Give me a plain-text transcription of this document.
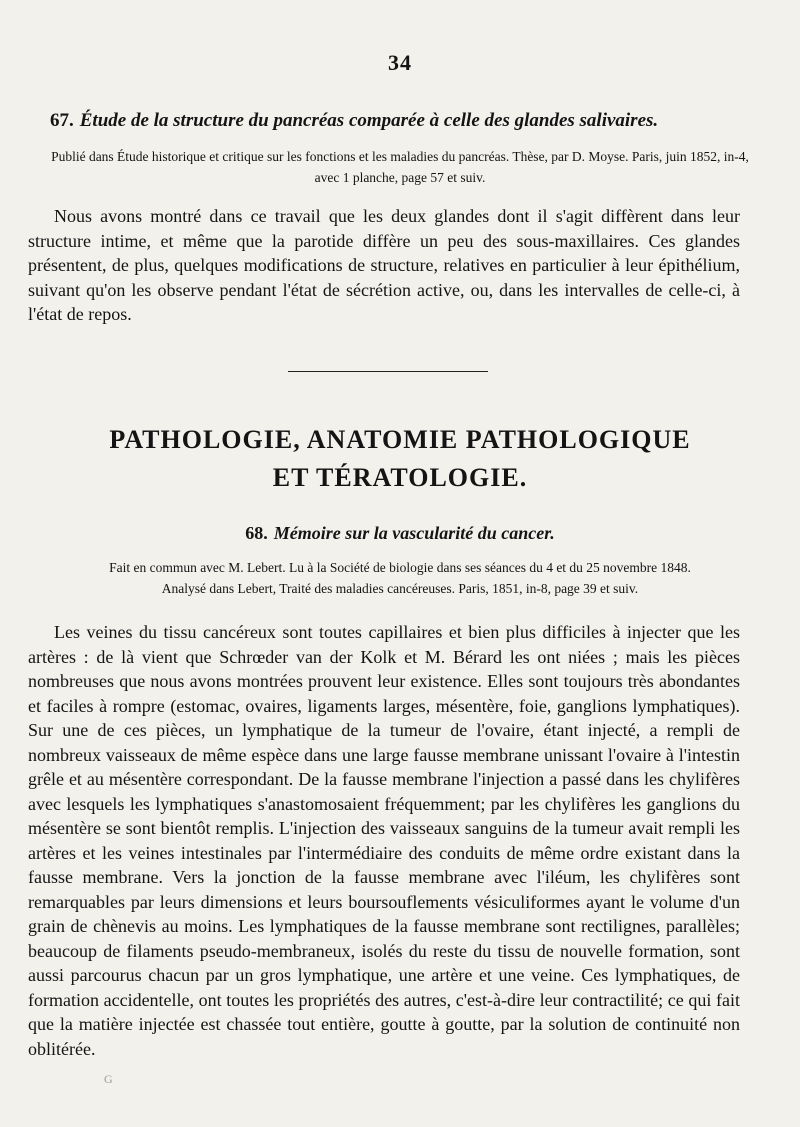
34
67. Étude de la structure du pancréas comparée à celle des glandes salivaires.
Publié dans Étude historique et critique sur les fonctions et les maladies du pancréas. Thèse, par D. Moyse. Paris, juin 1852, in-4, avec 1 planche, page 57 et suiv.

Nous avons montré dans ce travail que les deux glandes dont il s'agit diffèrent dans leur structure intime, et même que la parotide diffère un peu des sous-maxillaires. Ces glandes présentent, de plus, quelques modifications de structure, relatives en particulier à leur épithélium, suivant qu'on les observe pendant l'état de sécrétion active, ou, dans les intervalles de celle-ci, à l'état de repos.

PATHOLOGIE, ANATOMIE PATHOLOGIQUE
ET TÉRATOLOGIE.
68. Mémoire sur la vascularité du cancer.
Fait en commun avec M. Lebert. Lu à la Société de biologie dans ses séances du 4 et du 25 novembre 1848.
Analysé dans Lebert, Traité des maladies cancéreuses. Paris, 1851, in-8, page 39 et suiv.

Les veines du tissu cancéreux sont toutes capillaires et bien plus difficiles à injecter que les artères : de là vient que Schrœder van der Kolk et M. Bérard les ont niées ; mais les pièces nombreuses que nous avons montrées prouvent leur existence. Elles sont toujours très abondantes et faciles à rompre (estomac, ovaires, ligaments larges, mésentère, foie, ganglions lymphatiques). Sur une de ces pièces, un lymphatique de la tumeur de l'ovaire, étant injecté, a rempli de nombreux vaisseaux de même espèce dans une large fausse membrane unissant l'ovaire à l'intestin grêle et au mésentère correspondant. De la fausse membrane l'injection a passé dans les chylifères avec lesquels les lymphatiques s'anastomosaient fréquemment; par les chylifères les ganglions du mésentère se sont bientôt remplis. L'injection des vaisseaux sanguins de la tumeur avait rempli les artères et les veines intestinales par l'intermédiaire des conduits de même ordre existant dans la fausse membrane. Vers la jonction de la fausse membrane avec l'iléum, les chylifères sont remarquables par leurs dimensions et leurs boursouflements vésiculiformes ayant le volume d'un grain de chènevis au moins. Les lymphatiques de la fausse membrane sont rectilignes, parallèles; beaucoup de filaments pseudo-membraneux, isolés du reste du tissu de nouvelle formation, sont aussi parcourus chacun par un gros lymphatique, une artère et une veine. Ces lymphatiques, de formation accidentelle, ont toutes les propriétés des autres, c'est-à-dire leur contractilité; ce qui fait que la matière injectée est chassée tout entière, goutte à goutte, par la solution de continuité non oblitérée.

G
